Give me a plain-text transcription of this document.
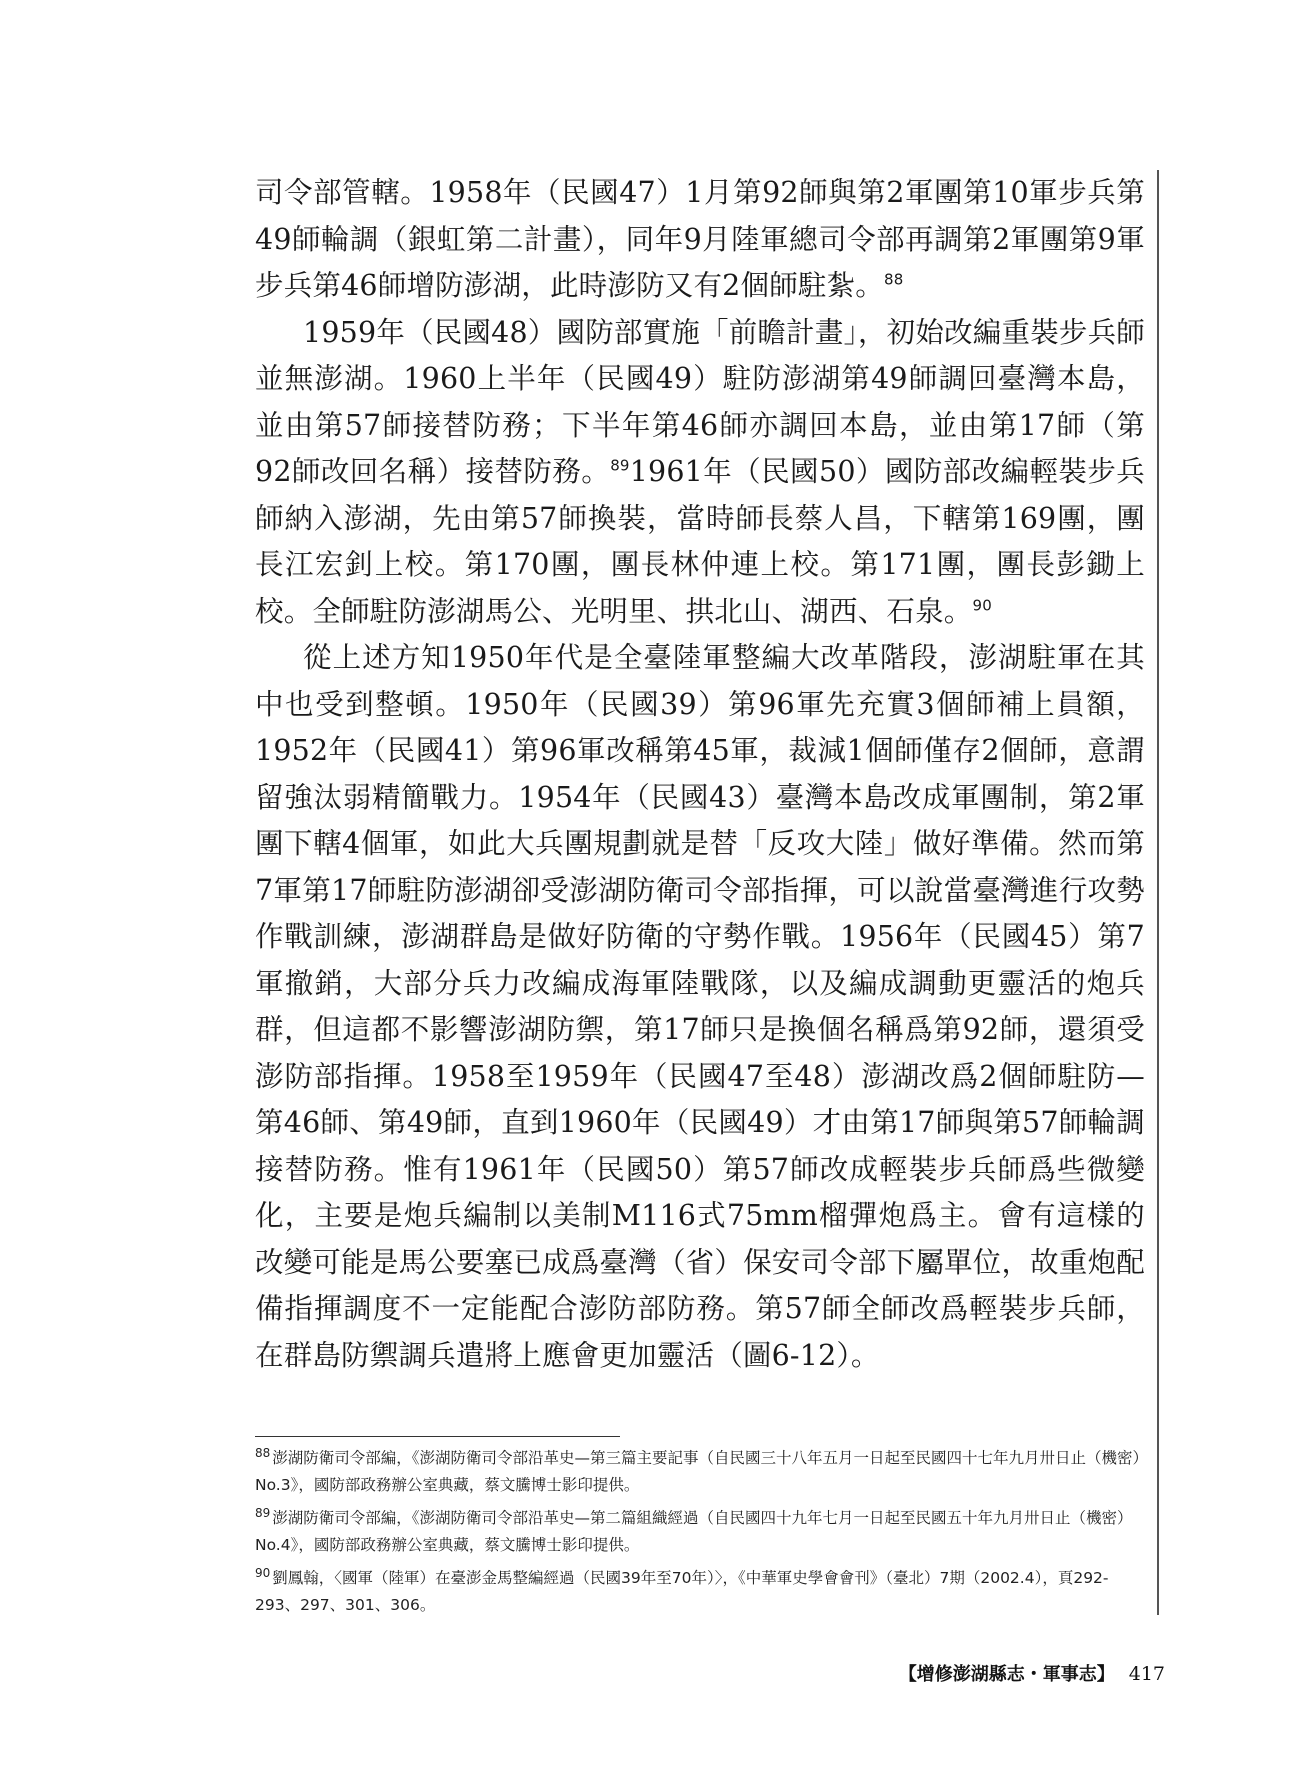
司令部管轄。1958年（民國47）1月第92師與第2軍團第10軍步兵第49師輪調（銀虹第二計畫），同年9月陸軍總司令部再調第2軍團第9軍步兵第46師增防澎湖，此時澎防又有2個師駐紮。$^{88}$

1959年（民國48）國防部實施「前瞻計畫」，初始改編重裝步兵師並無澎湖。1960上半年（民國49）駐防澎湖第49師調回臺灣本島，並由第57師接替防務；下半年第46師亦調回本島，並由第17師（第92師改回名稱）接替防務。$^{89}$1961年（民國50）國防部改編輕裝步兵師納入澎湖，先由第57師換裝，當時師長蔡人昌，下轄第169團，團長江宏釗上校。第170團，團長林仲連上校。第171團，團長彭鋤上校。全師駐防澎湖馬公、光明里、拱北山、湖西、石泉。$^{90}$

從上述方知1950年代是全臺陸軍整編大改革階段，澎湖駐軍在其中也受到整頓。1950年（民國39）第96軍先充實3個師補上員額，1952年（民國41）第96軍改稱第45軍，裁減1個師僅存2個師，意謂留強汰弱精簡戰力。1954年（民國43）臺灣本島改成軍團制，第2軍團下轄4個軍，如此大兵團規劃就是替「反攻大陸」做好準備。然而第7軍第17師駐防澎湖卻受澎湖防衛司令部指揮，可以說當臺灣進行攻勢作戰訓練，澎湖群島是做好防衛的守勢作戰。1956年（民國45）第7軍撤銷，大部分兵力改編成海軍陸戰隊，以及編成調動更靈活的炮兵群，但這都不影響澎湖防禦，第17師只是換個名稱爲第92師，還須受澎防部指揮。1958至1959年（民國47至48）澎湖改爲2個師駐防—第46師、第49師，直到1960年（民國49）才由第17師與第57師輪調接替防務。惟有1961年（民國50）第57師改成輕裝步兵師爲些微變化，主要是炮兵編制以美制M116式75mm榴彈炮爲主。會有這樣的改變可能是馬公要塞已成爲臺灣（省）保安司令部下屬單位，故重炮配備指揮調度不一定能配合澎防部防務。第57師全師改爲輕裝步兵師，在群島防禦調兵遣將上應會更加靈活（圖6-12）。

$^{88}$ 澎湖防衛司令部編，《澎湖防衛司令部沿革史—第三篇主要記事（自民國三十八年五月一日起至民國四十七年九月卅日止（機密）No.3》，國防部政務辦公室典藏，蔡文騰博士影印提供。
$^{89}$ 澎湖防衛司令部編，《澎湖防衛司令部沿革史—第二篇組織經過（自民國四十九年七月一日起至民國五十年九月卅日止（機密）No.4》，國防部政務辦公室典藏，蔡文騰博士影印提供。
$^{90}$ 劉鳳翰，〈國軍（陸軍）在臺澎金馬整編經過（民國39年至70年）〉，《中華軍史學會會刊》（臺北）7期（2002.4），頁292-293、297、301、306。
【增修澎湖縣志・軍事志】 417
